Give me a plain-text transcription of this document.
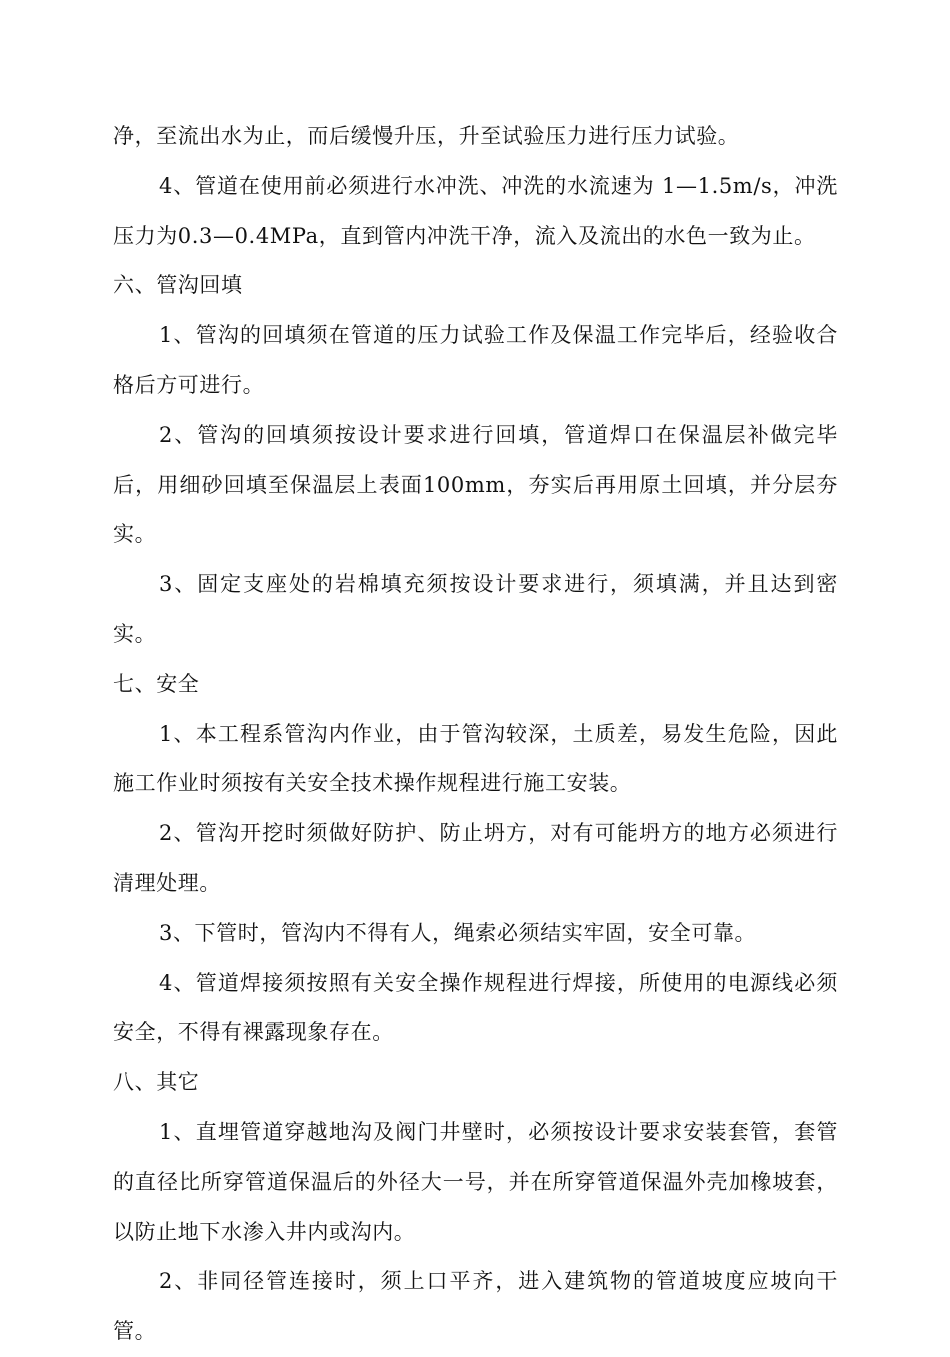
净，至流出水为止，而后缓慢升压，升至试验压力进行压力试验。

4、管道在使用前必须进行水冲洗、冲洗的水流速为 1—1.5m/s，冲洗压力为0.3—0.4MPa，直到管内冲洗干净，流入及流出的水色一致为止。

六、管沟回填

1、管沟的回填须在管道的压力试验工作及保温工作完毕后，经验收合格后方可进行。

2、管沟的回填须按设计要求进行回填，管道焊口在保温层补做完毕后，用细砂回填至保温层上表面100mm，夯实后再用原土回填，并分层夯实。

3、固定支座处的岩棉填充须按设计要求进行，须填满，并且达到密实。

七、安全

1、本工程系管沟内作业，由于管沟较深，土质差，易发生危险，因此施工作业时须按有关安全技术操作规程进行施工安装。

2、管沟开挖时须做好防护、防止坍方，对有可能坍方的地方必须进行清理处理。

3、下管时，管沟内不得有人，绳索必须结实牢固，安全可靠。

4、管道焊接须按照有关安全操作规程进行焊接，所使用的电源线必须安全，不得有裸露现象存在。

八、其它

1、直埋管道穿越地沟及阀门井壁时，必须按设计要求安装套管，套管的直径比所穿管道保温后的外径大一号，并在所穿管道保温外壳加橡坡套，以防止地下水渗入井内或沟内。

2、非同径管连接时，须上口平齐，进入建筑物的管道坡度应坡向干管。
